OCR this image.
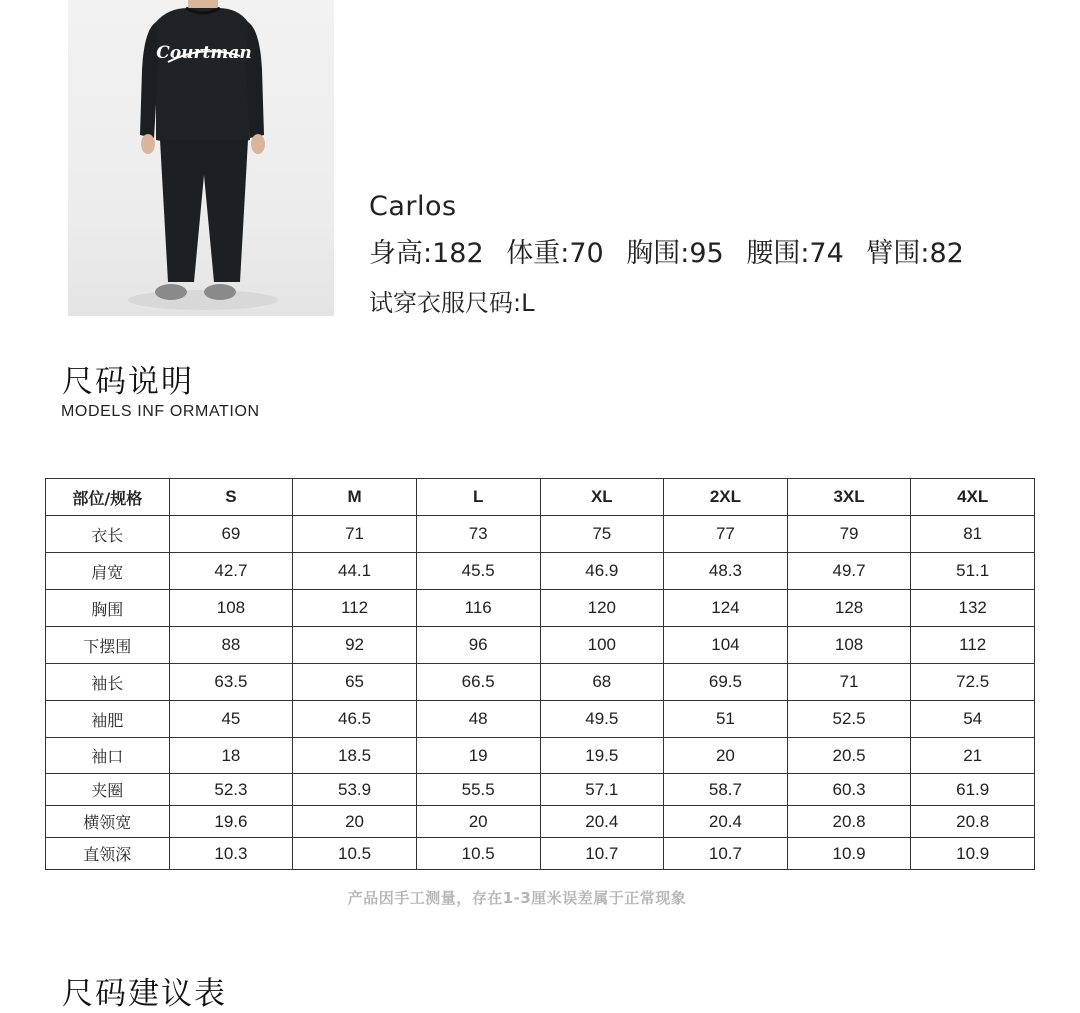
Courtman
Carlos
身高:182 体重:70 胸围:95 腰围:74 臂围:82
试穿衣服尺码:L
尺码说明
MODELS INF ORMATION
部位/规格	S	M	L	XL	2XL	3XL	4XL
衣长	69	71	73	75	77	79	81
肩宽	42.7	44.1	45.5	46.9	48.3	49.7	51.1
胸围	108	112	116	120	124	128	132
下摆围	88	92	96	100	104	108	112
袖长	63.5	65	66.5	68	69.5	71	72.5
袖肥	45	46.5	48	49.5	51	52.5	54
袖口	18	18.5	19	19.5	20	20.5	21
夹圈	52.3	53.9	55.5	57.1	58.7	60.3	61.9
横领宽	19.6	20	20	20.4	20.4	20.8	20.8
直领深	10.3	10.5	10.5	10.7	10.7	10.9	10.9
产品因手工测量，存在1-3厘米误差属于正常现象
尺码建议表
